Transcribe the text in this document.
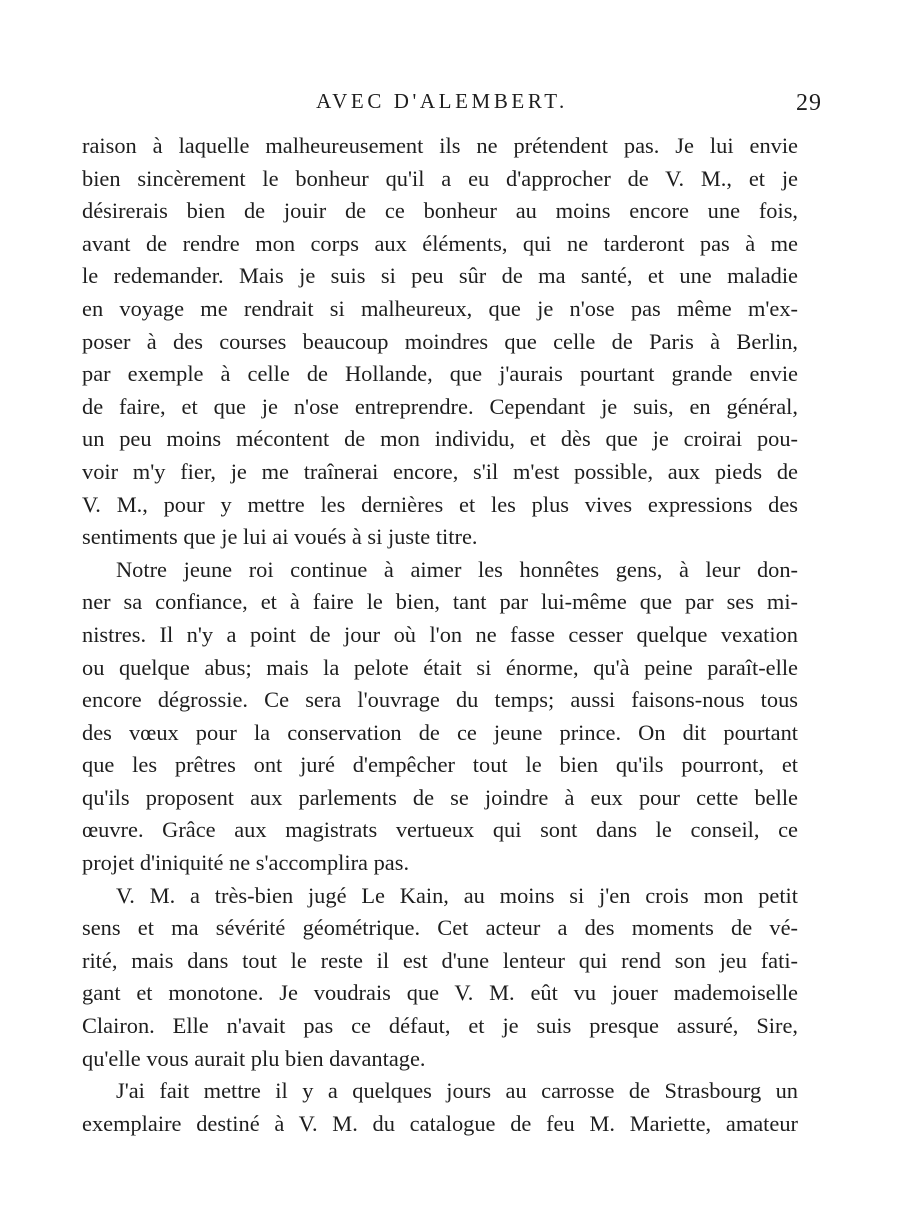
AVEC D'ALEMBERT.	29
raison à laquelle malheureusement ils ne prétendent pas. Je lui envie
bien sincèrement le bonheur qu'il a eu d'approcher de V. M., et je
désirerais bien de jouir de ce bonheur au moins encore une fois,
avant de rendre mon corps aux éléments, qui ne tarderont pas à me
le redemander. Mais je suis si peu sûr de ma santé, et une maladie
en voyage me rendrait si malheureux, que je n'ose pas même m'ex-
poser à des courses beaucoup moindres que celle de Paris à Berlin,
par exemple à celle de Hollande, que j'aurais pourtant grande envie
de faire, et que je n'ose entreprendre. Cependant je suis, en général,
un peu moins mécontent de mon individu, et dès que je croirai pou-
voir m'y fier, je me traînerai encore, s'il m'est possible, aux pieds de
V. M., pour y mettre les dernières et les plus vives expressions des
sentiments que je lui ai voués à si juste titre.
Notre jeune roi continue à aimer les honnêtes gens, à leur don-
ner sa confiance, et à faire le bien, tant par lui-même que par ses mi-
nistres. Il n'y a point de jour où l'on ne fasse cesser quelque vexation
ou quelque abus; mais la pelote était si énorme, qu'à peine paraît-elle
encore dégrossie. Ce sera l'ouvrage du temps; aussi faisons-nous tous
des vœux pour la conservation de ce jeune prince. On dit pourtant
que les prêtres ont juré d'empêcher tout le bien qu'ils pourront, et
qu'ils proposent aux parlements de se joindre à eux pour cette belle
œuvre. Grâce aux magistrats vertueux qui sont dans le conseil, ce
projet d'iniquité ne s'accomplira pas.
V. M. a très-bien jugé Le Kain, au moins si j'en crois mon petit
sens et ma sévérité géométrique. Cet acteur a des moments de vé-
rité, mais dans tout le reste il est d'une lenteur qui rend son jeu fati-
gant et monotone. Je voudrais que V. M. eût vu jouer mademoiselle
Clairon. Elle n'avait pas ce défaut, et je suis presque assuré, Sire,
qu'elle vous aurait plu bien davantage.
J'ai fait mettre il y a quelques jours au carrosse de Strasbourg un
exemplaire destiné à V. M. du catalogue de feu M. Mariette, amateur
